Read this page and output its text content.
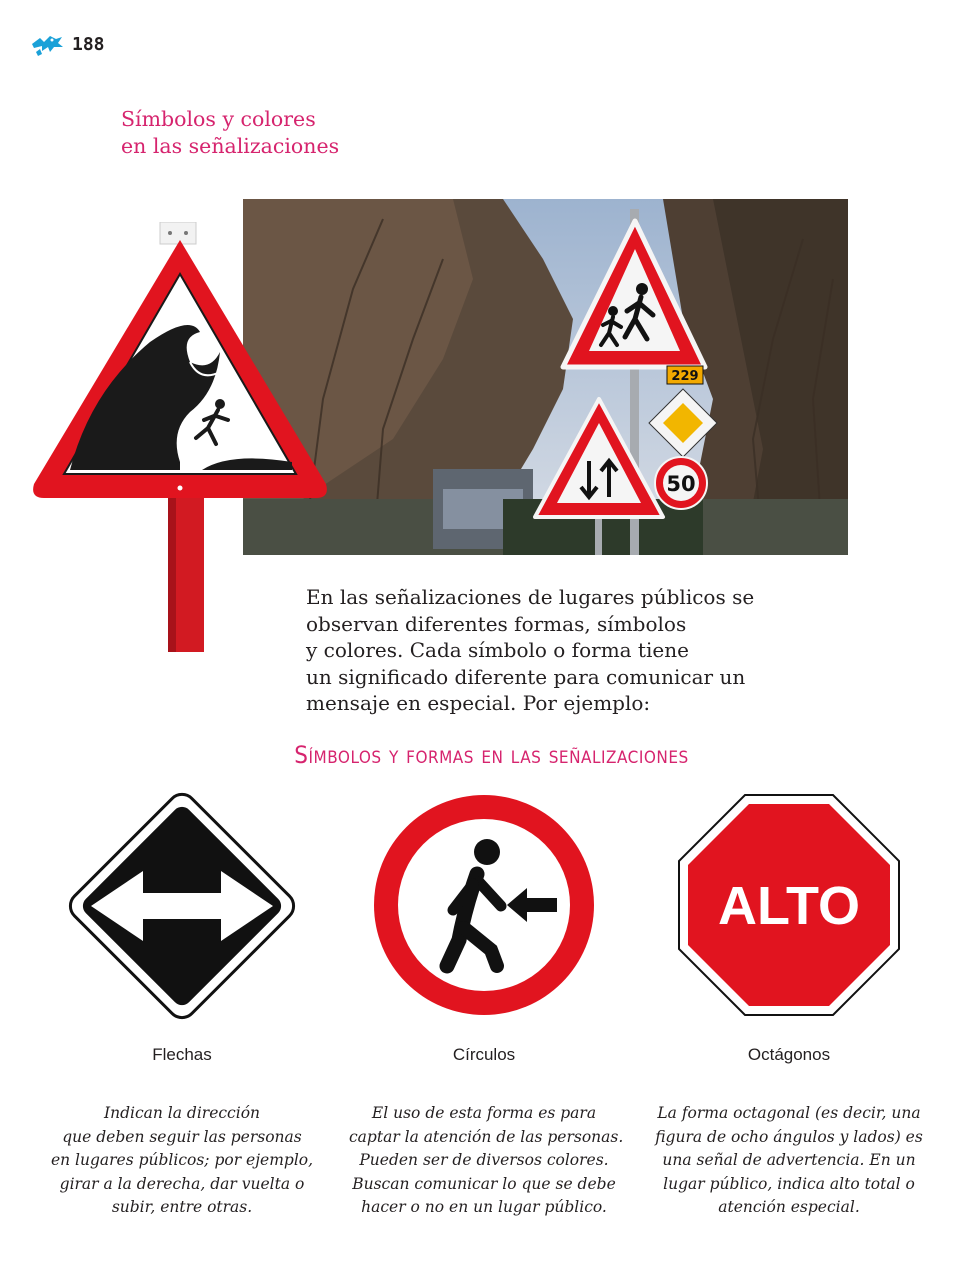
188
Símbolos y colores
en las señalizaciones
229
50
En las señalizaciones de lugares públicos se
observan diferentes formas, símbolos
y colores. Cada símbolo o forma tiene
un significado diferente para comunicar un
mensaje en especial. Por ejemplo:
Símbolos y formas en las señalizaciones
Flechas
Indican la dirección
que deben seguir las personas
en lugares públicos; por ejemplo,
girar a la derecha, dar vuelta o
subir, entre otras.
Círculos
El uso de esta forma es para
captar la atención de las personas.
Pueden ser de diversos colores.
Buscan comunicar lo que se debe
hacer o no en un lugar público.
ALTO
Octágonos
La forma octagonal (es decir, una
figura de ocho ángulos y lados) es
una señal de advertencia. En un
lugar público, indica alto total o
atención especial.
